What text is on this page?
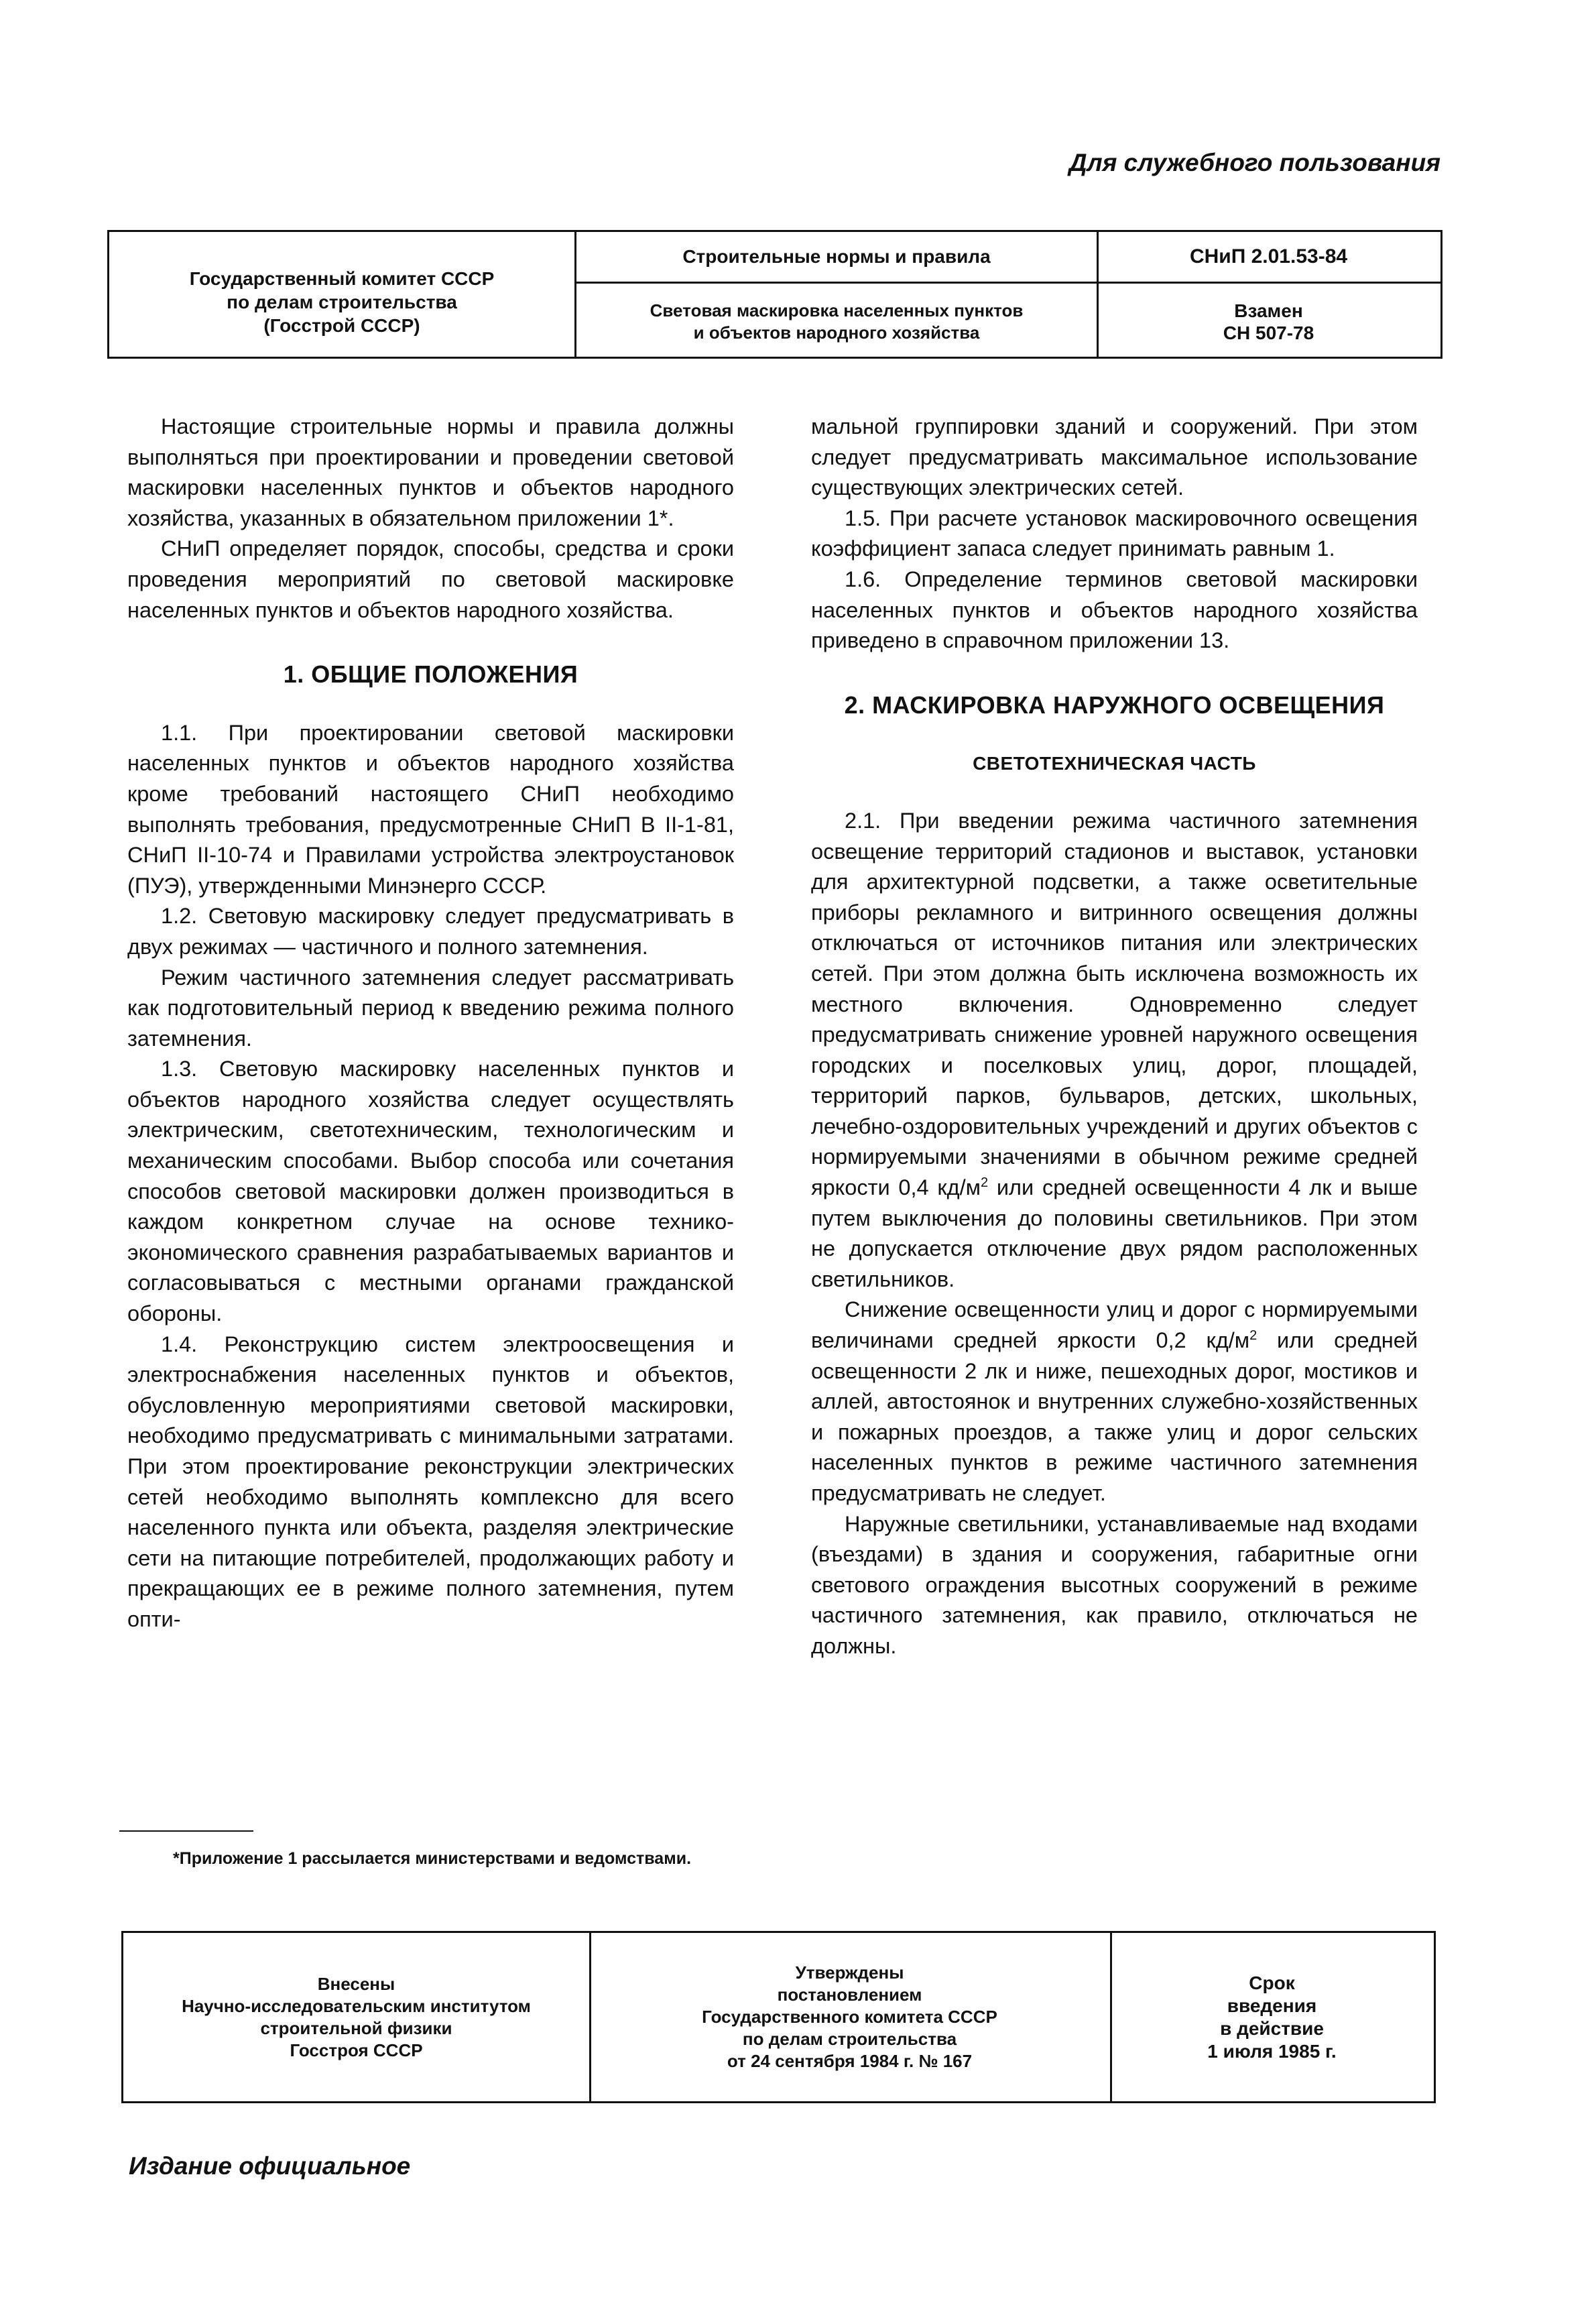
Для служебного пользования
Государственный комитет СССР
по делам строительства
(Госстрой СССР)
Строительные нормы и правила
Световая маскировка населенных пунктов
и объектов народного хозяйства
СНиП 2.01.53-84
Взамен
СН 507-78

Настоящие строительные нормы и правила должны выполняться при проектировании и проведении световой маскировки населенных пунктов и объектов народного хозяйства, указанных в обязательном приложении 1*.

СНиП определяет порядок, способы, средства и сроки проведения мероприятий по световой маскировке населенных пунктов и объектов народного хозяйства.

1. ОБЩИЕ ПОЛОЖЕНИЯ

1.1. При проектировании световой маскировки населенных пунктов и объектов народного хозяйства кроме требований настоящего СНиП необходимо выполнять требования, предусмотренные СНиП В II-1-81, СНиП II-10-74 и Правилами устройства электроустановок (ПУЭ), утвержденными Минэнерго СССР.

1.2. Световую маскировку следует предусматривать в двух режимах — частичного и полного затемнения.

Режим частичного затемнения следует рассматривать как подготовительный период к введению режима полного затемнения.

1.3. Световую маскировку населенных пунктов и объектов народного хозяйства следует осуществлять электрическим, светотехническим, технологическим и механическим способами. Выбор способа или сочетания способов световой маскировки должен производиться в каждом конкретном случае на основе технико-экономического сравнения разрабатываемых вариантов и согласовываться с местными органами гражданской обороны.

1.4. Реконструкцию систем электроосвещения и электроснабжения населенных пунктов и объектов, обусловленную мероприятиями световой маскировки, необходимо предусматривать с минимальными затратами. При этом проектирование реконструкции электрических сетей необходимо выполнять комплексно для всего населенного пункта или объекта, разделяя электрические сети на питающие потребителей, продолжающих работу и прекращающих ее в режиме полного затемнения, путем опти-

мальной группировки зданий и сооружений. При этом следует предусматривать максимальное использование существующих электрических сетей.

1.5. При расчете установок маскировочного освещения коэффициент запаса следует принимать равным 1.

1.6. Определение терминов световой маскировки населенных пунктов и объектов народного хозяйства приведено в справочном приложении 13.

2. МАСКИРОВКА НАРУЖНОГО ОСВЕЩЕНИЯ
СВЕТОТЕХНИЧЕСКАЯ ЧАСТЬ

2.1. При введении режима частичного затемнения освещение территорий стадионов и выставок, установки для архитектурной подсветки, а также осветительные приборы рекламного и витринного освещения должны отключаться от источников питания или электрических сетей. При этом должна быть исключена возможность их местного включения. Одновременно следует предусматривать снижение уровней наружного освещения городских и поселковых улиц, дорог, площадей, территорий парков, бульваров, детских, школьных, лечебно-оздоровительных учреждений и других объектов с нормируемыми значениями в обычном режиме средней яркости 0,4 $кд/м^2$ или средней освещенности 4 лк и выше путем выключения до половины светильников. При этом не допускается отключение двух рядом расположенных светильников.

Снижение освещенности улиц и дорог с нормируемыми величинами средней яркости 0,2 $кд/м^2$ или средней освещенности 2 лк и ниже, пешеходных дорог, мостиков и аллей, автостоянок и внутренних служебно-хозяйственных и пожарных проездов, а также улиц и дорог сельских населенных пунктов в режиме частичного затемнения предусматривать не следует.

Наружные светильники, устанавливаемые над входами (въездами) в здания и сооружения, габаритные огни светового ограждения высотных сооружений в режиме частичного затемнения, как правило, отключаться не должны.

*Приложение 1 рассылается министерствами и ведомствами.
Внесены
Научно-исследовательским институтом
строительной физики
Госстроя СССР
Утверждены
постановлением
Государственного комитета СССР
по делам строительства
от 24 сентября 1984 г. № 167
Срок
введения
в действие
1 июля 1985 г.
Издание официальное
